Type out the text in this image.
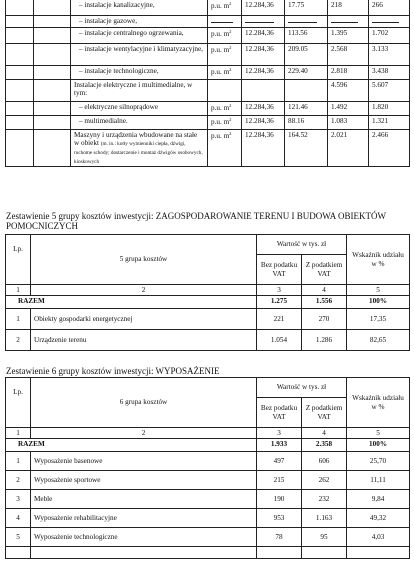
		– instalacje kanalizacyjne,	p.u. $m^2$	12.284,36	17.75	218	266
		– instalacje gazowe,					
		– instalacje centralnego ogrzewania,	p.u. $m^2$	12.284,36	113.56	1.395	1.702
		– instalacje wentylacyjne i klimatyzacyjne,	p.u. $m^2$	12.284,36	209.05	2.568	3.133
		– instalacje technologiczne,	p.u. $m^2$	12.284,36	229.40	2.818	3.438
		Instalacje elektryczne i multimedialne, w tym:				4.596	5.607
		– elektryczne silnoprądowe	p.u. $m^2$	12.284,36	121.46	1.492	1.820
		– multimedialne.	p.u. $m^2$	12.284,36	88.16	1.083	1.321
		Maszyny i urządzenia wbudowane na stałe w obiekt (m. in.: kotły wymienniki ciepła, dźwigi, ruchome schody; dostarczenie i montaż dźwigów osobowych, kioskowych	p.u. $m^2$	12.284,36	164.52	2.021	2.466
Zestawienie 5 grupy kosztów inwestycji: ZAGOSPODAROWANIE TERENU I BUDOWA OBIEKTÓW POMOCNICZYCH
Lp.	5 grupa kosztów	Wartość w tys. zł		Wskaźnik udziału w %
		Bez podatku VAT	Z podatkiem VAT	
1	2	3	4	5
RAZEM		1.275	1.556	100%
1	Obiekty gospodarki energetycznej	221	270	17,35
2	Urządzenie terenu	1.054	1.286	82,65
Zestawienie 6 grupy kosztów inwestycji: WYPOSAŻENIE
Lp.	6 grupa kosztów	Wartość w tys. zł		Wskaźnik udziału w %
		Bez podatku VAT	Z podatkiem VAT	
1	2	3	4	5
RAZEM		1.933	2.358	100%
1	Wyposażenie basenowe	497	606	25,70
2	Wyposażenie sportowe	215	262	11,11
3	Meble	190	232	9,84
4	Wyposażenie rehabilitacyjne	953	1.163	49,32
5	Wyposażenie technologiczne	78	95	4,03
